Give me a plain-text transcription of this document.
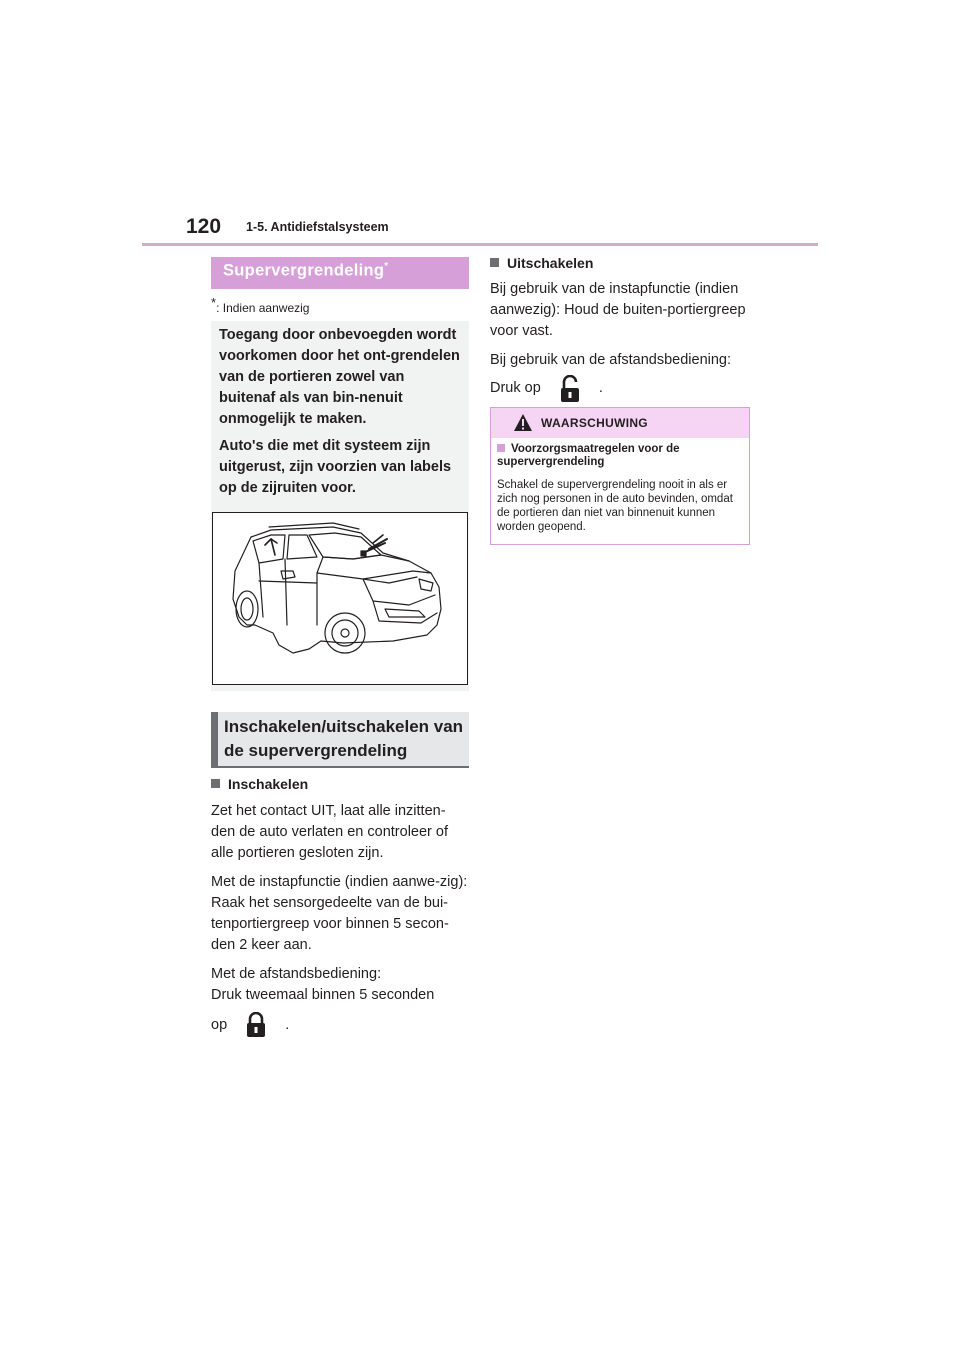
120 1-5. Antidiefstalsysteem
Supervergrendeling*
*: Indien aanwezig

Toegang door onbevoegden wordt voorkomen door het ont-grendelen van de portieren zowel van buitenaf als van bin-nenuit onmogelijk te maken.

Auto's die met dit systeem zijn uitgerust, zijn voorzien van labels op de zijruiten voor.

Inschakelen/uitschakelen van de supervergrendeling
Inschakelen

Zet het contact UIT, laat alle inzitten-den de auto verlaten en controleer of alle portieren gesloten zijn.

Met de instapfunctie (indien aanwe-zig):
Raak het sensorgedeelte van de bui-tenportiergreep voor binnen 5 secon-den 2 keer aan.

Met de afstandsbediening:
Druk tweemaal binnen 5 seconden

op	.

Uitschakelen

Bij gebruik van de instapfunctie (indien aanwezig): Houd de buiten-portiergreep voor vast.

Bij gebruik van de afstandsbediening:

Druk op	.

WAARSCHUWING
Voorzorgsmaatregelen voor de supervergrendeling
Schakel de supervergrendeling nooit in als er zich nog personen in de auto bevinden, omdat de portieren dan niet van binnenuit kunnen worden geopend.
